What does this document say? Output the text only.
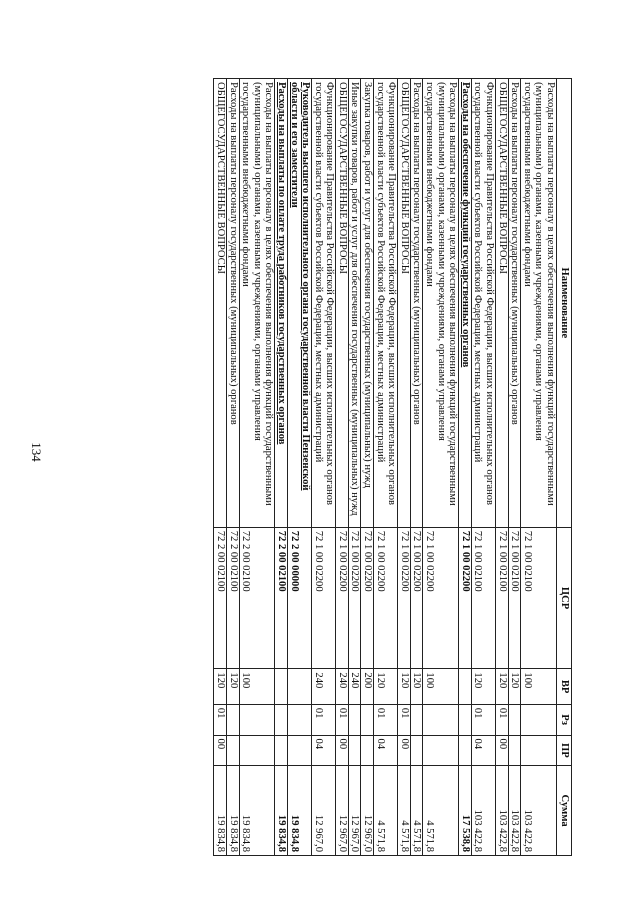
134
Наименование	ЦСР	ВР	Рз	ПР	Сумма
Расходы на выплаты персоналу в целях обеспечения выполнения функций государственными (муниципальными) органами, казенными учреждениями, органами управления государственными внебюджетными фондами	72 1 00 02100	100			103 422,8
Расходы на выплаты персоналу государственных (муниципальных) органов	72 1 00 02100	120			103 422,8
ОБЩЕГОСУДАРСТВЕННЫЕ ВОПРОСЫ	72 1 00 02100	120	01	00	103 422,8
Функционирование Правительства Российской Федерации, высших исполнительных органов государственной власти субъектов Российской Федерации, местных администраций	72 1 00 02100	120	01	04	103 422,8
Расходы на обеспечение функций государственных органов	72 1 00 02200				17 538,8
Расходы на выплаты персоналу в целях обеспечения выполнения функций государственными (муниципальными) органами, казенными учреждениями, органами управления государственными внебюджетными фондами	72 1 00 02200	100			4 571,8
Расходы на выплаты персоналу государственных (муниципальных) органов	72 1 00 02200	120			4 571,8
ОБЩЕГОСУДАРСТВЕННЫЕ ВОПРОСЫ	72 1 00 02200	120	01	00	4 571,8
Функционирование Правительства Российской Федерации, высших исполнительных органов государственной власти субъектов Российской Федерации, местных администраций	72 1 00 02200	120	01	04	4 571,8
Закупка товаров, работ и услуг для обеспечения государственных (муниципальных) нужд	72 1 00 02200	200			12 967,0
Иные закупки товаров, работ и услуг для обеспечения государственных (муниципальных) нужд	72 1 00 02200	240			12 967,0
ОБЩЕГОСУДАРСТВЕННЫЕ ВОПРОСЫ	72 1 00 02200	240	01	00	12 967,0
Функционирование Правительства Российской Федерации, высших исполнительных органов государственной власти субъектов Российской Федерации, местных администраций	72 1 00 02200	240	01	04	12 967,0
Руководитель высшего исполнительного органа государственной власти Пензенской области и его заместители	72 2 00 00000				19 834,8
Расходы на выплаты по оплате труда работников государственных органов	72 2 00 02100				19 834,8
Расходы на выплаты персоналу в целях обеспечения выполнения функций государственными (муниципальными) органами, казенными учреждениями, органами управления государственными внебюджетными фондами	72 2 00 02100	100			19 834,8
Расходы на выплаты персоналу государственных (муниципальных) органов	72 2 00 02100	120			19 834,8
ОБЩЕГОСУДАРСТВЕННЫЕ ВОПРОСЫ	72 2 00 02100	120	01	00	19 834,8
